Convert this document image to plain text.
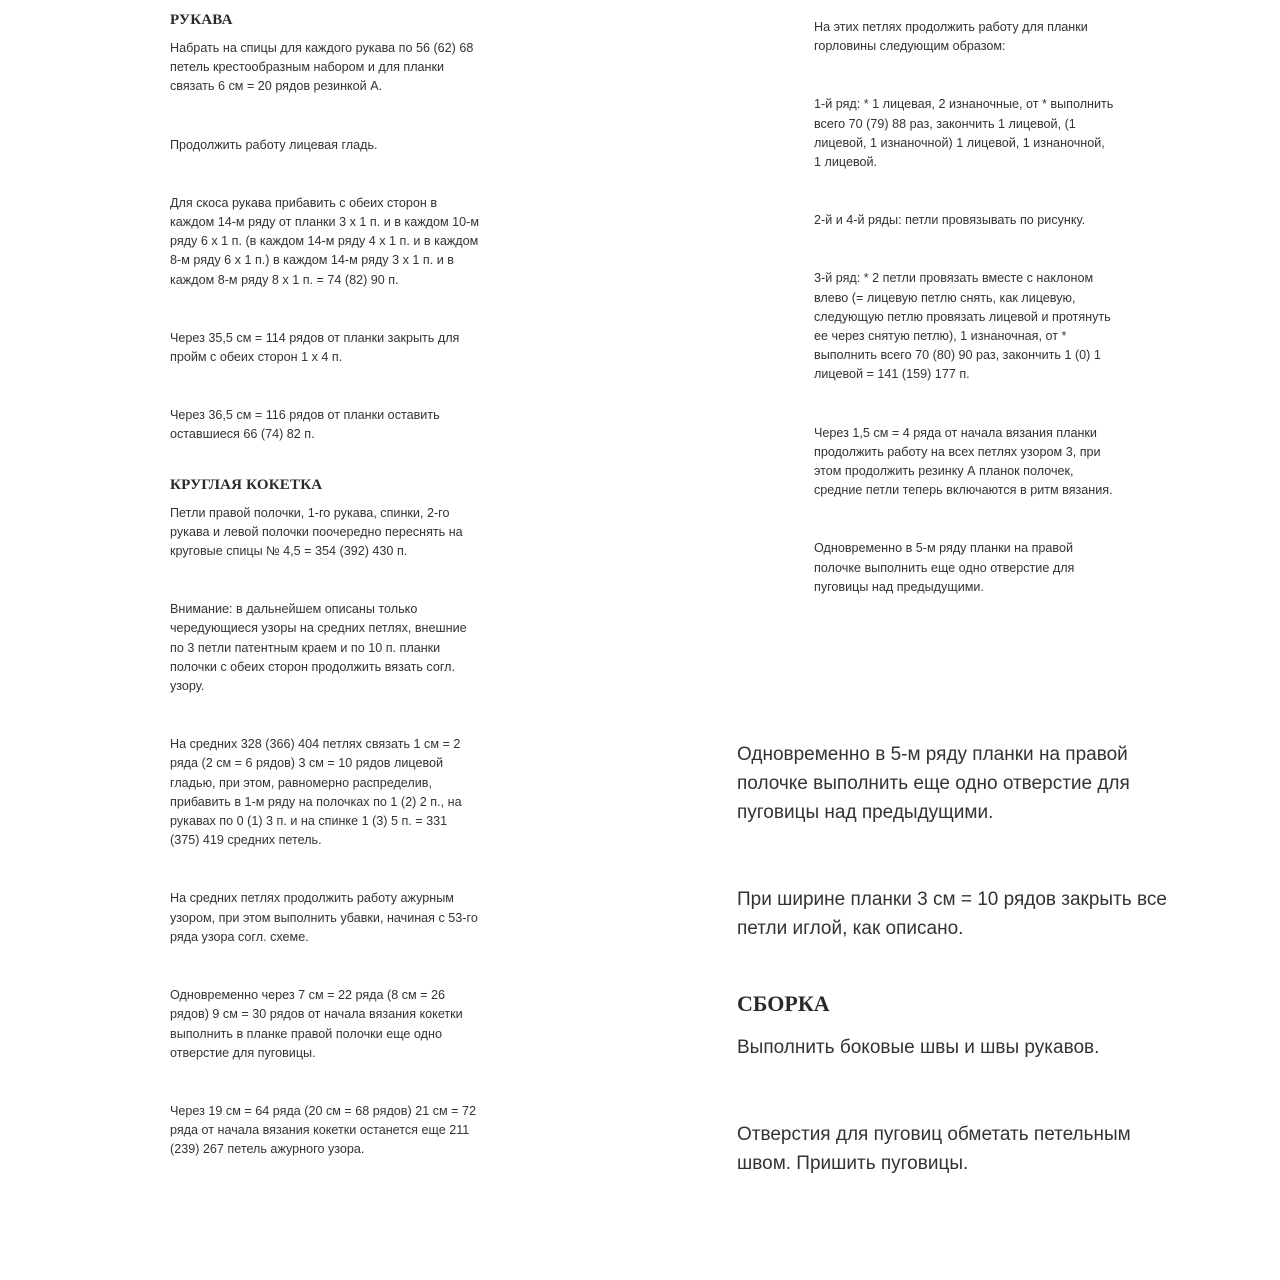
РУКАВА

Набрать на спицы для каждого рукава по 56 (62) 68 петель крестообразным набором и для планки связать 6 см = 20 рядов резинкой А.

Продолжить работу лицевая гладь.

Для скоса рукава прибавить с обеих сторон в каждом 14-м ряду от планки 3 х 1 п. и в каждом 10-м ряду 6 х 1 п. (в каждом 14-м ряду 4 х 1 п. и в каждом 8-м ряду 6 х 1 п.) в каждом 14-м ряду 3 х 1 п. и в каждом 8-м ряду 8 х 1 п. = 74 (82) 90 п.

Через 35,5 см = 114 рядов от планки закрыть для пройм с обеих сторон 1 х 4 п.

Через 36,5 см = 116 рядов от планки оставить оставшиеся 66 (74) 82 п.

КРУГЛАЯ КОКЕТКА

Петли правой полочки, 1-го рукава, спинки, 2-го рукава и левой полочки поочередно переснять на круговые спицы № 4,5 = 354 (392) 430 п.

Внимание: в дальнейшем описаны только чередующиеся узоры на средних петлях, внешние по 3 петли патентным краем и по 10 п. планки полочки с обеих сторон продолжить вязать согл. узору.

На средних 328 (366) 404 петлях связать 1 см = 2 ряда (2 см = 6 рядов) 3 см = 10 рядов лицевой гладью, при этом, равномерно распределив, прибавить в 1-м ряду на полочках по 1 (2) 2 п., на рукавах по 0 (1) 3 п. и на спинке 1 (3) 5 п. = 331 (375) 419 средних петель.

На средних петлях продолжить работу ажурным узором, при этом выполнить убавки, начиная с 53-го ряда узора согл. схеме.

Одновременно через 7 см = 22 ряда (8 см = 26 рядов) 9 см = 30 рядов от начала вязания кокетки выполнить в планке правой полочки еще одно отверстие для пуговицы.

Через 19 см = 64 ряда (20 см = 68 рядов) 21 см = 72 ряда от начала вязания кокетки останется еще 211 (239) 267 петель ажурного узора.

На этих петлях продолжить работу для планки горловины следующим образом:

1-й ряд: * 1 лицевая, 2 изнаночные, от * выполнить всего 70 (79) 88 раз, закончить 1 лицевой, (1 лицевой, 1 изнаночной) 1 лицевой, 1 изнаночной, 1 лицевой.

2-й и 4-й ряды: петли провязывать по рисунку.

3-й ряд: * 2 петли провязать вместе с наклоном влево (= лицевую петлю снять, как лицевую, следующую петлю провязать лицевой и протянуть ее через снятую петлю), 1 изнаночная, от * выполнить всего 70 (80) 90 раз, закончить 1 (0) 1 лицевой = 141 (159) 177 п.

Через 1,5 см = 4 ряда от начала вязания планки продолжить работу на всех петлях узором 3, при этом продолжить резинку А планок полочек, средние петли теперь включаются в ритм вязания.

Одновременно в 5-м ряду планки на правой полочке выполнить еще одно отверстие для пуговицы над предыдущими.

Одновременно в 5-м ряду планки на правой полочке выполнить еще одно отверстие для пуговицы над предыдущими.

При ширине планки 3 см = 10 рядов закрыть все петли иглой, как описано.

СБОРКА

Выполнить боковые швы и швы рукавов.

Отверстия для пуговиц обметать петельным швом. Пришить пуговицы.
